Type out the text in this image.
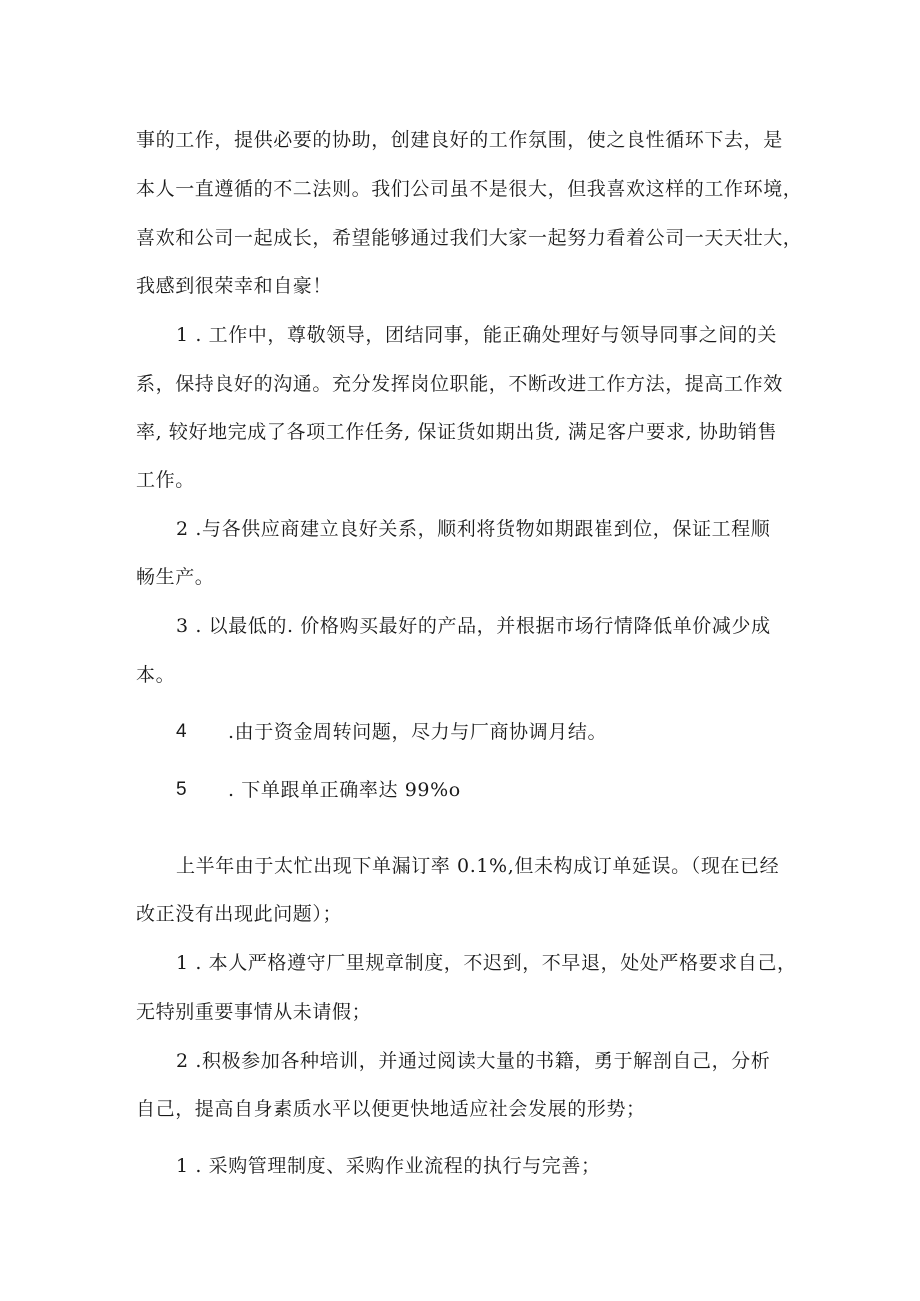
事的工作，提供必要的协助，创建良好的工作氛围，使之良性循环下去，是
本人一直遵循的不二法则。我们公司虽不是很大，但我喜欢这样的工作环境，
喜欢和公司一起成长，希望能够通过我们大家一起努力看着公司一天天壮大，
我感到很荣幸和自豪！
1 . 工作中，尊敬领导，团结同事，能正确处理好与领导同事之间的关
系，保持良好的沟通。充分发挥岗位职能，不断改进工作方法，提高工作效
率, 较好地完成了各项工作任务, 保证货如期出货, 满足客户要求, 协助销售
工作。
2 .与各供应商建立良好关系，顺利将货物如期跟崔到位，保证工程顺
畅生产。
3 . 以最低的. 价格购买最好的产品，并根据市场行情降低单价减少成
本。
4 .由于资金周转问题，尽力与厂商协调月结。
5 . 下单跟单正确率达 99%o
上半年由于太忙出现下单漏订率 0.1%,但未构成订单延误。（现在已经
改正没有出现此问题）；
1 . 本人严格遵守厂里规章制度，不迟到，不早退，处处严格要求自己，
无特别重要事情从未请假；
2 .积极参加各种培训，并通过阅读大量的书籍，勇于解剖自己，分析
自己，提高自身素质水平以便更快地适应社会发展的形势；
1 . 采购管理制度、采购作业流程的执行与完善；
